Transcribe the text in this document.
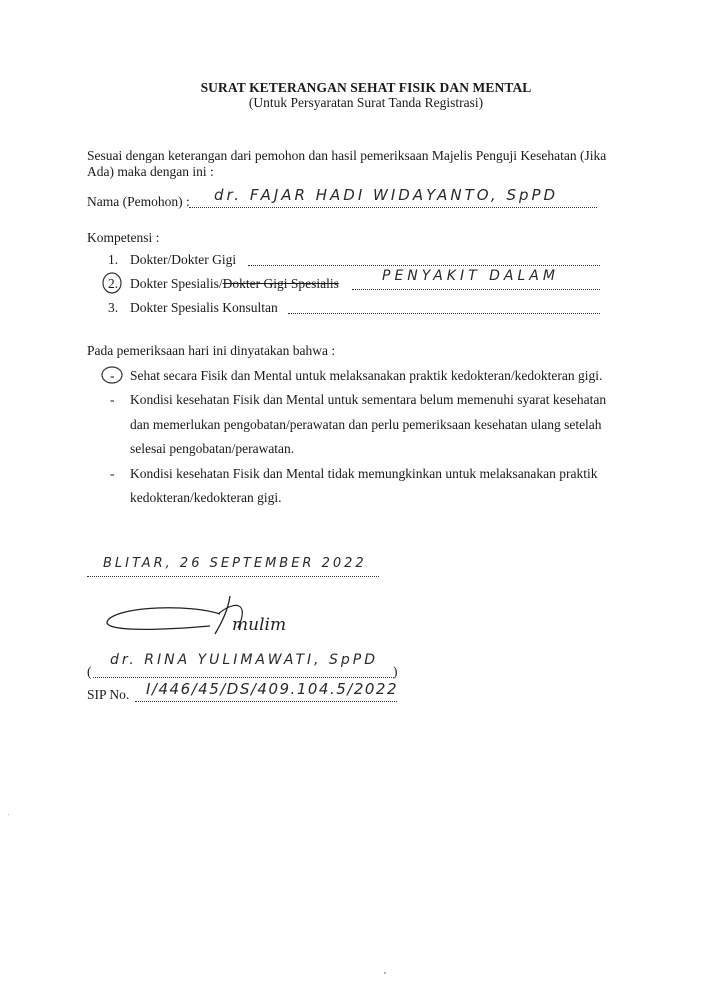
SURAT KETERANGAN SEHAT FISIK DAN MENTAL
(Untuk Persyaratan Surat Tanda Registrasi)
Sesuai dengan keterangan dari pemohon dan hasil pemeriksaan Majelis Penguji Kesehatan (Jika
Ada) maka dengan ini :
Nama (Pemohon) : dr. FAJAR HADI WIDAYANTO, SpPD
Kompetensi :
1. Dokter/Dokter Gigi
2. Dokter Spesialis/Dokter Gigi Spesialis	PENYAKIT DALAM
3. Dokter Spesialis Konsultan
Pada pemeriksaan hari ini dinyatakan bahwa :
- Sehat secara Fisik dan Mental untuk melaksanakan praktik kedokteran/kedokteran gigi.
- Kondisi kesehatan Fisik dan Mental untuk sementara belum memenuhi syarat kesehatan
dan memerlukan pengobatan/perawatan dan perlu pemeriksaan kesehatan ulang setelah
selesai pengobatan/perawatan.
- Kondisi kesehatan Fisik dan Mental tidak memungkinkan untuk melaksanakan praktik
kedokteran/kedokteran gigi.
BLITAR, 26 SEPTEMBER 2022
mulim
(
dr. RINA YULIMAWATI, SpPD
)
SIP No. I/446/45/DS/409.104.5/2022
